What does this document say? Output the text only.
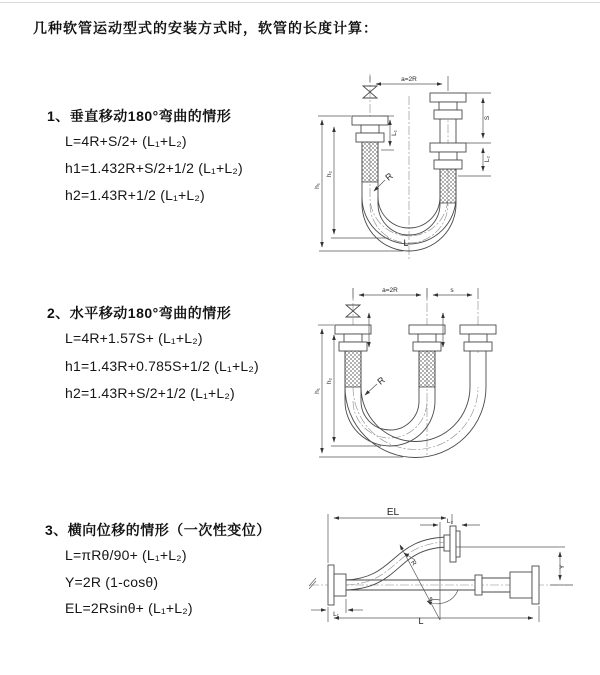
几种软管运动型式的安装方式时，软管的长度计算：
1、垂直移动180°弯曲的情形
L=4R+S/2+ (L₁+L₂)
h1=1.432R+S/2+1/2 (L₁+L₂)
h2=1.43R+1/2 (L₁+L₂)
2、水平移动180°弯曲的情形
L=4R+1.57S+ (L₁+L₂)
h1=1.43R+0.785S+1/2 (L₁+L₂)
h2=1.43R+S/2+1/2 (L₁+L₂)
3、横向位移的情形（一次性变位）
L=πRθ/90+ (L₁+L₂)
Y=2R (1-cosθ)
EL=2Rsinθ+ (L₁+L₂)
a=2R
S
L₂
L₁
h₁
h₂	R
L
a=2R	s
h₁
h₂	R
EL
L₂
Y
L
L₁
R
θ
